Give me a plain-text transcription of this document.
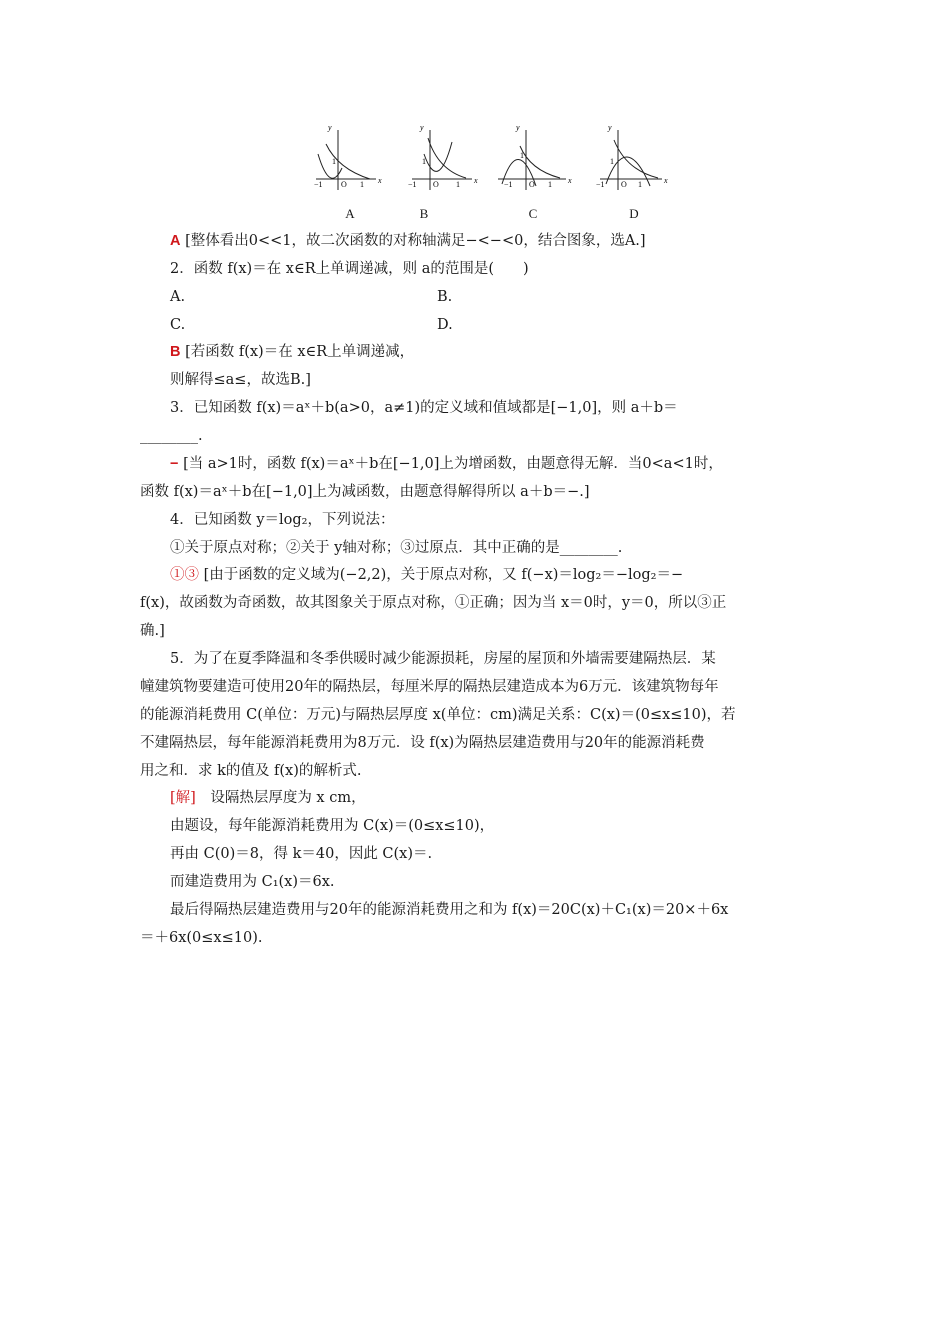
y
x
−1 O 1
1
y
x
−1 O 1
1
y
x
−1 O 1
1
y
x
−1 O 1
1
A	B	C	D
A [整体看出0<<1，故二次函数的对称轴满足−<−<0，结合图象，选A.]
2．函数 f(x)＝在 x∈R上单调递减，则 a的范围是(　　)
A.	B.
C.	D.
B [若函数 f(x)＝在 x∈R上单调递减，
则解得≤a≤，故选B.]
3．已知函数 f(x)＝aˣ＋b(a>0，a≠1)的定义域和值域都是[−1,0]，则 a＋b＝
________.
− [当 a>1时，函数 f(x)＝aˣ＋b在[−1,0]上为增函数，由题意得无解．当0<a<1时，
函数 f(x)＝aˣ＋b在[−1,0]上为减函数，由题意得解得所以 a＋b＝−.]
4．已知函数 y＝log₂，下列说法：
①关于原点对称；②关于 y轴对称；③过原点．其中正确的是________.
①③ [由于函数的定义域为(−2,2)，关于原点对称，又 f(−x)＝log₂＝−log₂＝−
f(x)，故函数为奇函数，故其图象关于原点对称，①正确；因为当 x＝0时，y＝0，所以③正
确.]
5．为了在夏季降温和冬季供暖时减少能源损耗，房屋的屋顶和外墙需要建隔热层．某
幢建筑物要建造可使用20年的隔热层，每厘米厚的隔热层建造成本为6万元．该建筑物每年
的能源消耗费用 C(单位：万元)与隔热层厚度 x(单位：cm)满足关系：C(x)＝(0≤x≤10)，若
不建隔热层，每年能源消耗费用为8万元．设 f(x)为隔热层建造费用与20年的能源消耗费
用之和．求 k的值及 f(x)的解析式.
[解]　设隔热层厚度为 x cm，
由题设，每年能源消耗费用为 C(x)＝(0≤x≤10)，
再由 C(0)＝8，得 k＝40，因此 C(x)＝.
而建造费用为 C₁(x)＝6x.
最后得隔热层建造费用与20年的能源消耗费用之和为 f(x)＝20C(x)＋C₁(x)＝20×＋6x
＝＋6x(0≤x≤10).
